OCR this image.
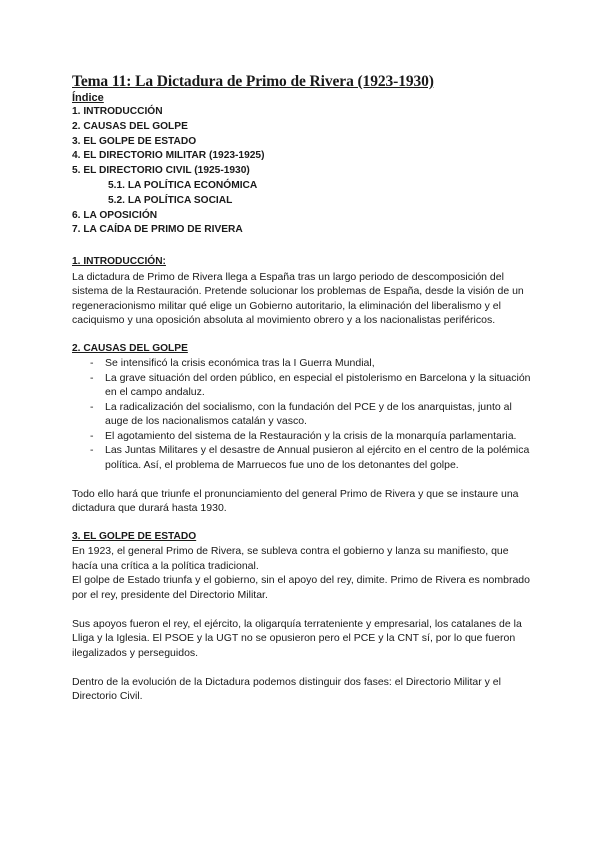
Tema 11: La Dictadura de Primo de Rivera (1923-1930)
Índice
1. INTRODUCCIÓN
2. CAUSAS DEL GOLPE
3. EL GOLPE DE ESTADO
4. EL DIRECTORIO MILITAR (1923-1925)
5. EL DIRECTORIO CIVIL (1925-1930)
5.1. LA POLÍTICA ECONÓMICA
5.2. LA POLÍTICA SOCIAL
6. LA OPOSICIÓN
7. LA CAÍDA DE PRIMO DE RIVERA
1. INTRODUCCIÓN:

La dictadura de Primo de Rivera llega a España tras un largo periodo de descomposición del sistema de la Restauración. Pretende solucionar los problemas de España, desde la visión de un regeneracionismo militar qué elige un Gobierno autoritario, la eliminación del liberalismo y el caciquismo y una oposición absoluta al movimiento obrero y a los nacionalistas periféricos.

2. CAUSAS DEL GOLPE
- Se intensificó la crisis económica tras la I Guerra Mundial,
- La grave situación del orden público, en especial el pistolerismo en Barcelona y la situación en el campo andaluz.
- La radicalización del socialismo, con la fundación del PCE y de los anarquistas, junto al auge de los nacionalismos catalán y vasco.
- El agotamiento del sistema de la Restauración y la crisis de la monarquía parlamentaria.
- Las Juntas Militares y el desastre de Annual pusieron al ejército en el centro de la polémica política. Así, el problema de Marruecos fue uno de los detonantes del golpe.

Todo ello hará que triunfe el pronunciamiento del general Primo de Rivera y que se instaure una dictadura que durará hasta 1930.

3. EL GOLPE DE ESTADO

En 1923, el general Primo de Rivera, se subleva contra el gobierno y lanza su manifiesto, que hacía una crítica a la política tradicional.

El golpe de Estado triunfa y el gobierno, sin el apoyo del rey, dimite. Primo de Rivera es nombrado por el rey, presidente del Directorio Militar.

Sus apoyos fueron el rey, el ejército, la oligarquía terrateniente y empresarial, los catalanes de la Lliga y la Iglesia. El PSOE y la UGT no se opusieron pero el PCE y la CNT sí, por lo que fueron ilegalizados y perseguidos.

Dentro de la evolución de la Dictadura podemos distinguir dos fases: el Directorio Militar y el Directorio Civil.
